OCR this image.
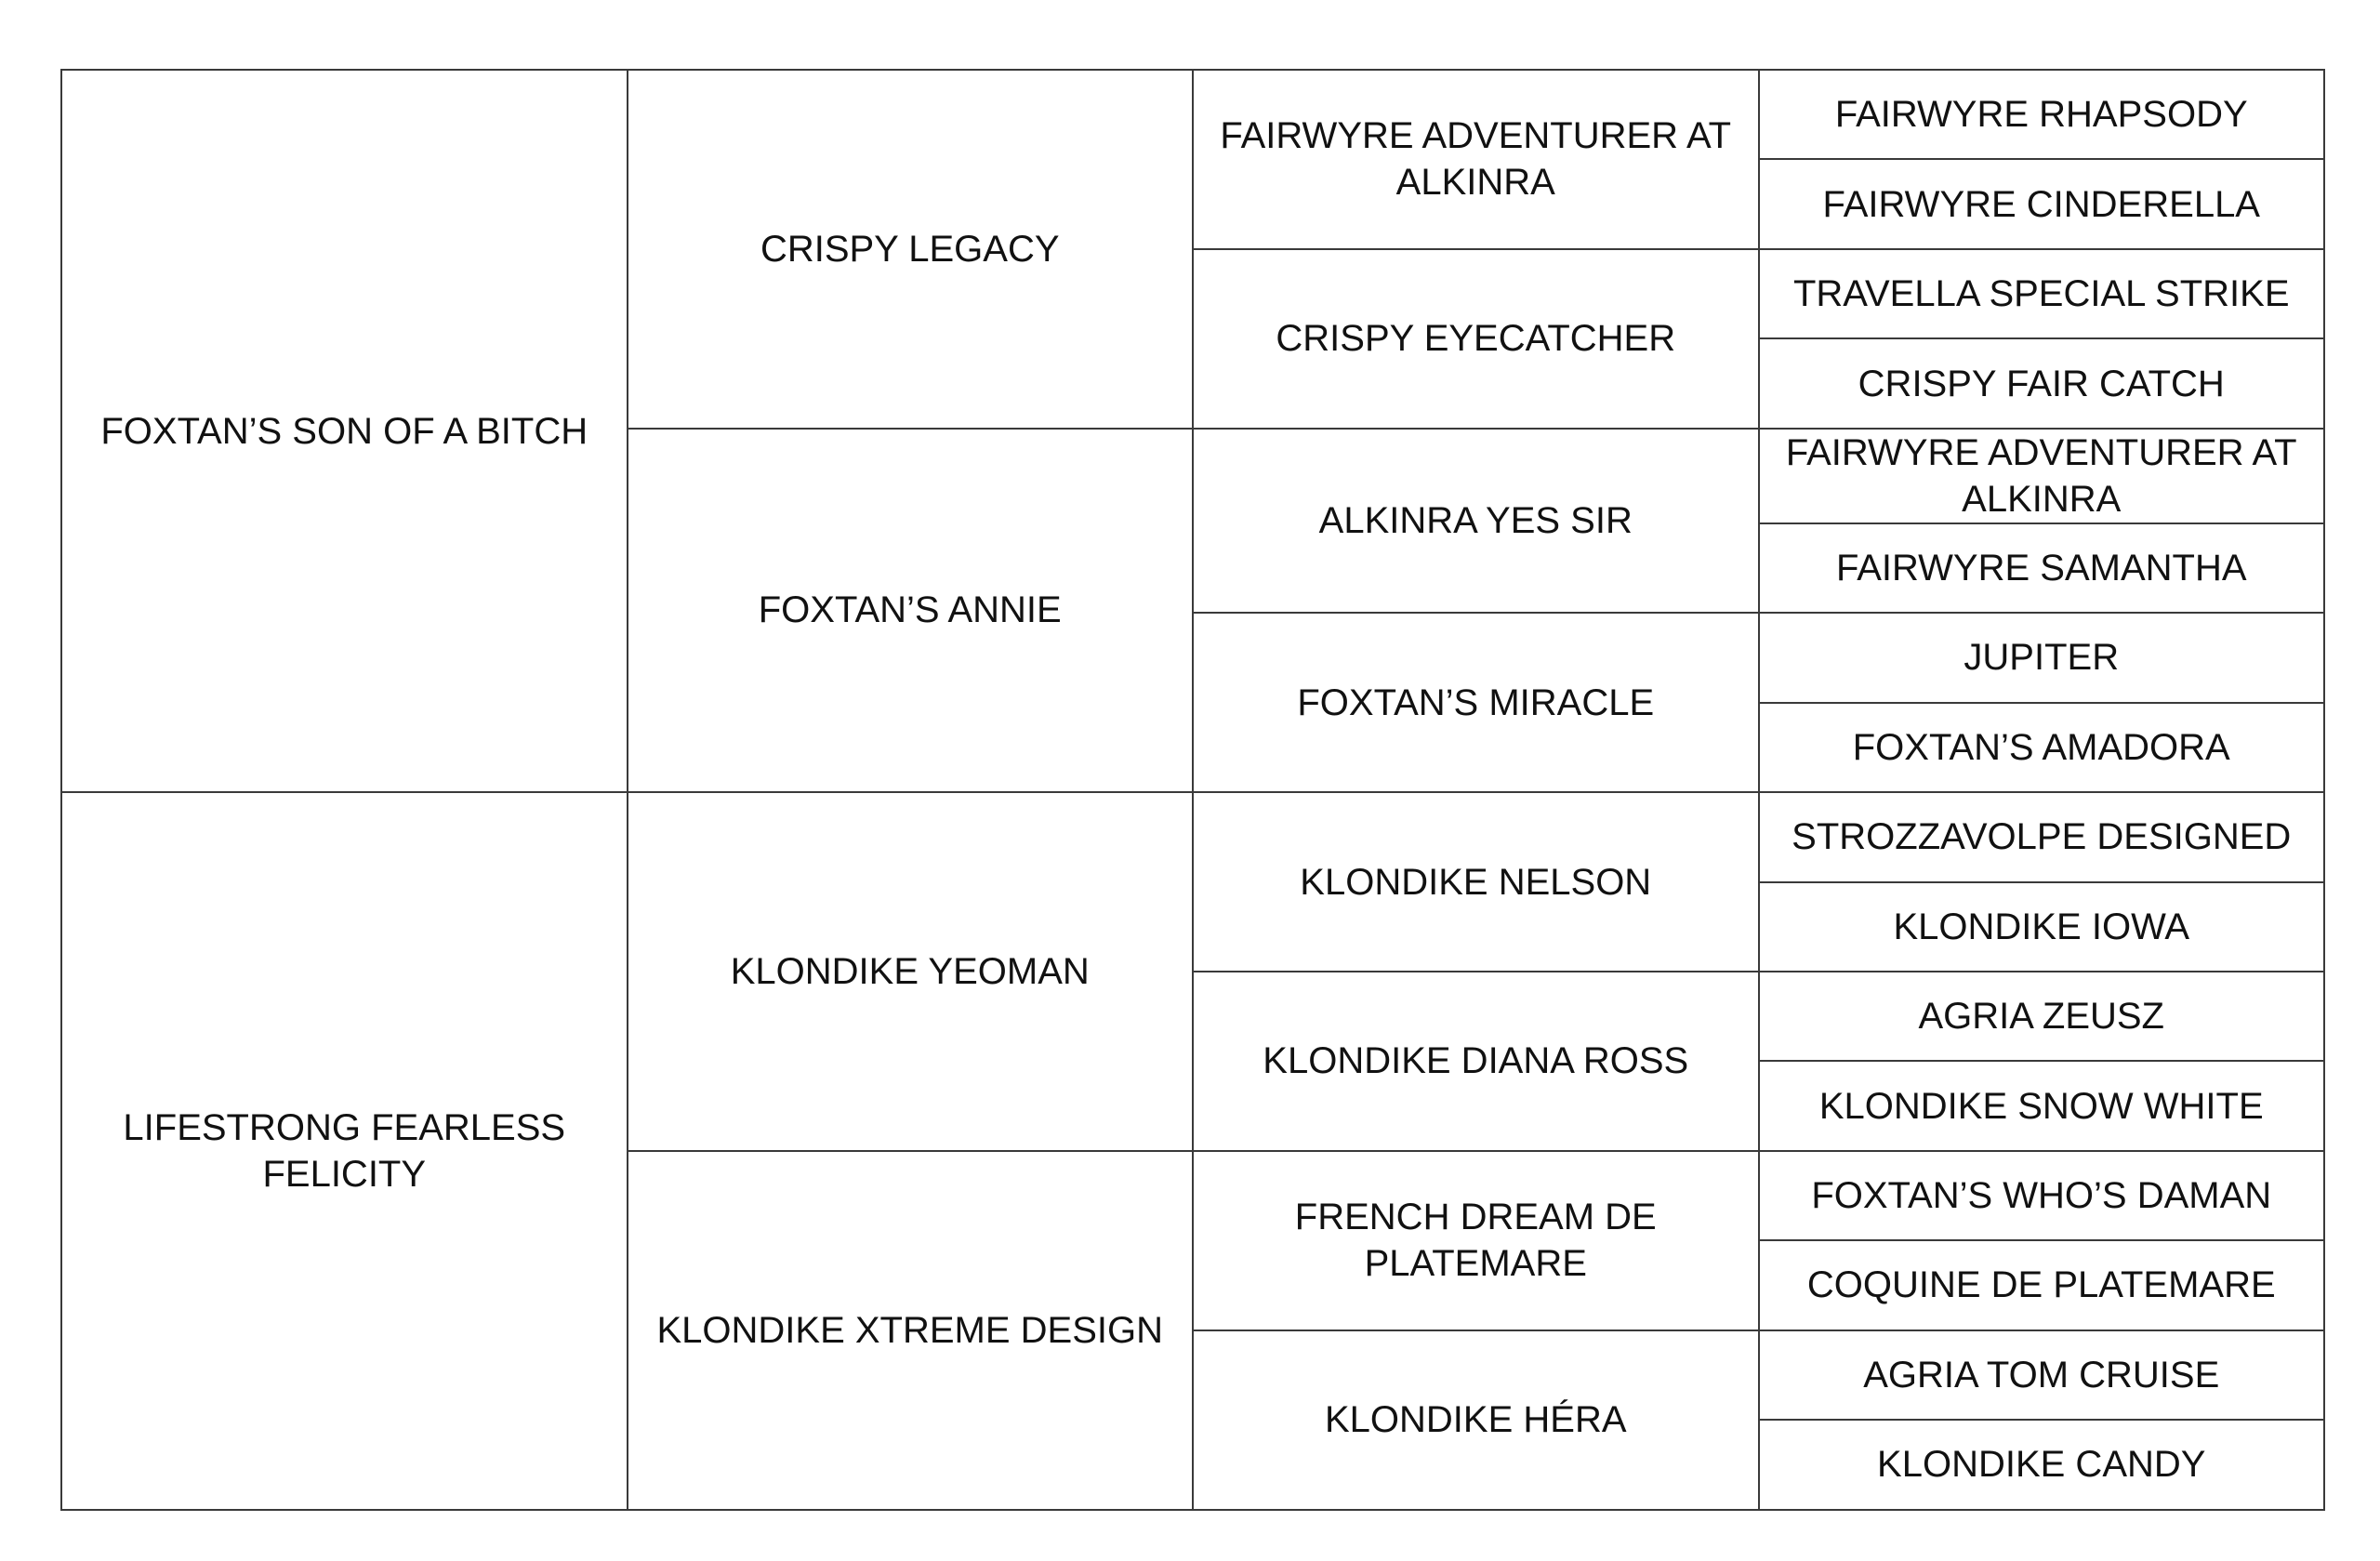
FOXTAN’S SON OF A BITCH	CRISPY LEGACY	FAIRWYRE ADVENTURER AT ALKINRA	FAIRWYRE RHAPSODY
			FAIRWYRE CINDERELLA
		CRISPY EYECATCHER	TRAVELLA SPECIAL STRIKE
			CRISPY FAIR CATCH
	FOXTAN’S ANNIE	ALKINRA YES SIR	FAIRWYRE ADVENTURER AT ALKINRA
			FAIRWYRE SAMANTHA
		FOXTAN’S MIRACLE	JUPITER
			FOXTAN’S AMADORA
LIFESTRONG FEARLESS FELICITY	KLONDIKE YEOMAN	KLONDIKE NELSON	STROZZAVOLPE DESIGNED
			KLONDIKE IOWA
		KLONDIKE DIANA ROSS	AGRIA ZEUSZ
			KLONDIKE SNOW WHITE
	KLONDIKE XTREME DESIGN	FRENCH DREAM DE PLATEMARE	FOXTAN’S WHO’S DAMAN
			COQUINE DE PLATEMARE
		KLONDIKE HÉRA	AGRIA TOM CRUISE
			KLONDIKE CANDY
